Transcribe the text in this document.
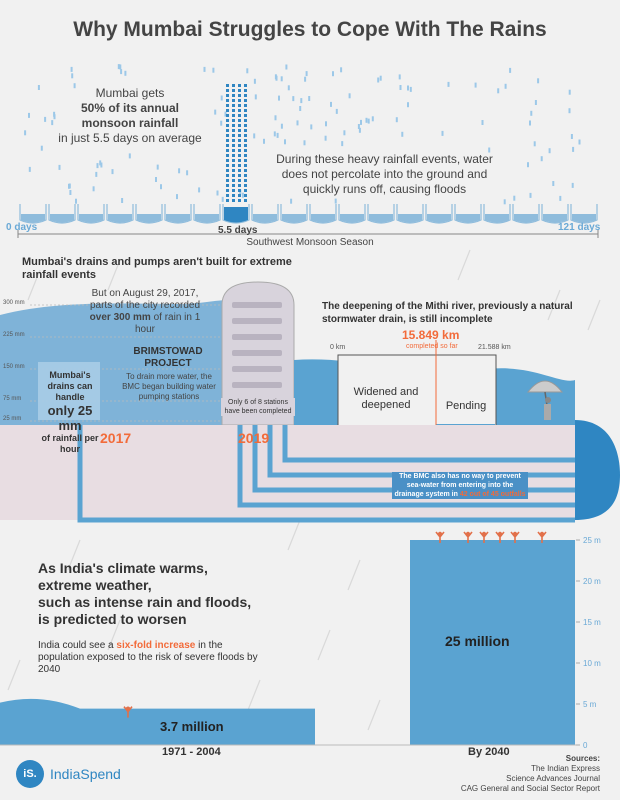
0
5 m
10 m
15 m
20 m
25 m

Why Mumbai Struggles to Cope With The Rains

Mumbai gets
50% of its annual
monsoon rainfall
in just 5.5 days on average

During these heavy rainfall events, water does not percolate into the ground and quickly runs off, causing floods

0 days	5.5 days	121 days

Southwest Monsoon Season

Mumbai's drains and pumps aren't built for extreme rainfall events

But on August 29, 2017,
parts of the city recorded
over 300 mm of rain in 1 hour

300 mm

225 mm

150 mm

75 mm

25 mm

Mumbai's drains can handle
only 25 mm
of rainfall per hour

2017	2019

BRIMSTOWAD PROJECT

To drain more water, the BMC began building water pumping stations

Only 6 of 8 stations have been completed

The deepening of the Mithi river, previously a natural stormwater drain, is still incomplete

0 km

15.849 km

completed so far	21.588 km

Widened and deepened	Pending

The BMC also has no way to prevent sea-water from entering into the drainage system in 42 out of 45 outfalls
As India's climate warms,
extreme weather,
such as intense rain and floods,
is predicted to worsen
India could see a six-fold increase in the population exposed to the risk of severe floods by 2040

1971 - 2004	By 2040

3.7 million

25 million

iS. IndiaSpend

Sources:
The Indian Express
Science Advances Journal
CAG General and Social Sector Report
